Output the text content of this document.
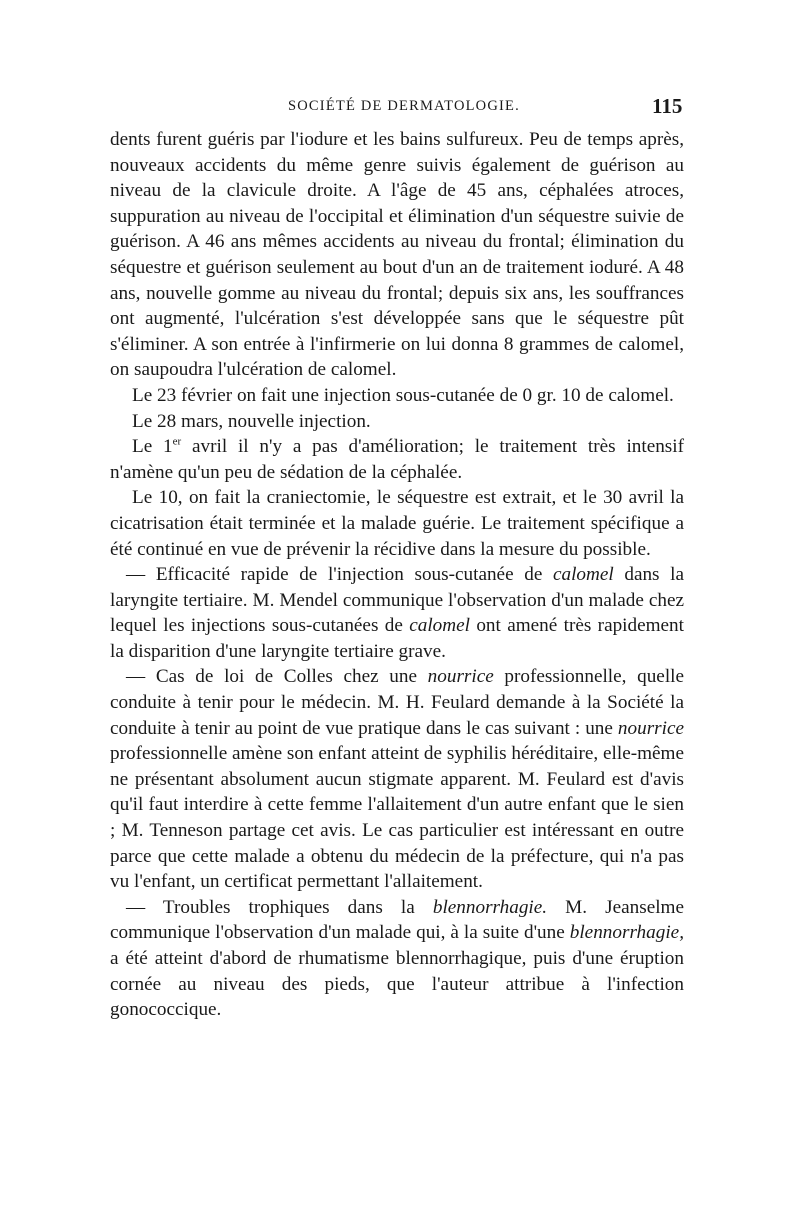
SOCIÉTÉ DE DERMATOLOGIE.	115

dents furent guéris par l'iodure et les bains sulfureux. Peu de temps après, nouveaux accidents du même genre suivis également de guérison au niveau de la clavicule droite. A l'âge de 45 ans, céphalées atroces, suppuration au niveau de l'occipital et élimination d'un séquestre suivie de guérison. A 46 ans mêmes accidents au niveau du frontal; élimination du séquestre et guérison seulement au bout d'un an de traitement ioduré. A 48 ans, nouvelle gomme au niveau du frontal; depuis six ans, les souffrances ont augmenté, l'ulcération s'est développée sans que le séquestre pût s'éliminer. A son entrée à l'infirmerie on lui donna 8 grammes de calomel, on saupoudra l'ulcération de calomel.

Le 23 février on fait une injection sous-cutanée de 0 gr. 10 de calomel.

Le 28 mars, nouvelle injection.

Le 1er avril il n'y a pas d'amélioration; le traitement très intensif n'amène qu'un peu de sédation de la céphalée.

Le 10, on fait la craniectomie, le séquestre est extrait, et le 30 avril la cicatrisation était terminée et la malade guérie. Le traitement spécifique a été continué en vue de prévenir la récidive dans la mesure du possible.

— Efficacité rapide de l'injection sous-cutanée de calomel dans la laryngite tertiaire. M. Mendel communique l'observation d'un malade chez lequel les injections sous-cutanées de calomel ont amené très rapidement la disparition d'une laryngite tertiaire grave.

— Cas de loi de Colles chez une nourrice professionnelle, quelle conduite à tenir pour le médecin. M. H. Feulard demande à la Société la conduite à tenir au point de vue pratique dans le cas suivant : une nourrice professionnelle amène son enfant atteint de syphilis héréditaire, elle-même ne présentant absolument aucun stigmate apparent. M. Feulard est d'avis qu'il faut interdire à cette femme l'allaitement d'un autre enfant que le sien ; M. Tenneson partage cet avis. Le cas particulier est intéressant en outre parce que cette malade a obtenu du médecin de la préfecture, qui n'a pas vu l'enfant, un certificat permettant l'allaitement.

— Troubles trophiques dans la blennorrhagie. M. Jeanselme communique l'observation d'un malade qui, à la suite d'une blennorrhagie, a été atteint d'abord de rhumatisme blennorrhagique, puis d'une éruption cornée au niveau des pieds, que l'auteur attribue à l'infection gonococcique.
